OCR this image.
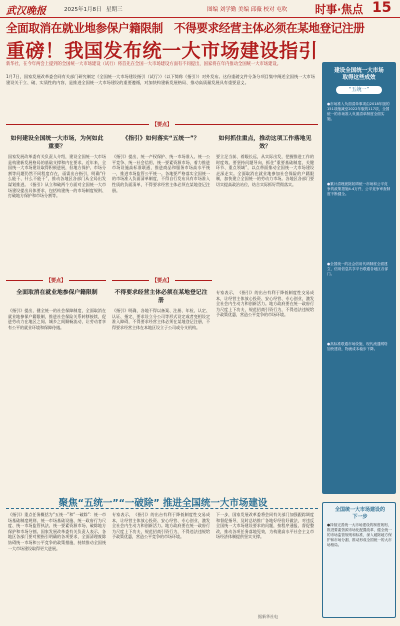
武汉晚报	2025年1月8日 星期三	图编 刘学勤 美编 邱薇 校对 屯吹	时事·焦点 15
全面取消在就业地参保户籍限制　不得要求经营主体必须在某地登记注册
重磅！我国发布统一大市场建设指引
新华社，在今年两会上提到的全国统一大市场建设（试行）将首先在全国一大市场建设方面有不同提出，国家将在年内推动全国统一大市场建设。
1月7日，国家发展改革委会同有关部门研究制定《全国统一大市场建设指引（试行）》（以下简称《指引》）对外发布。这份重磅文件分条分项目集中阐述全国统一大市场建设关于立、破、实质性的内容，是推进全国统一大市场建设的重要遵循，对加快构建新发展格局、推动高质量发展具有重要意义。
【要点】
如何建设全国统一大市场，为何如此重要？
国家发展改革委有关负责人介绍，建设全国统一大市场是构建新发展格局的基础支撑和内在要求。近年来，全国统一大市场建设取得积极进展，但地方保护、市场分割等问题仍然不同程度存在，亟需出台指引，明确“什么能干、什么不能干”，推动各地区各部门从全局出发谋划推进。《指引》从立和破两个方面对全国统一大市场建设提出具体要求，包括构建统一的市场制度规则、打破地方保护和市场分割等。
《指引》如何落实“五统一”？
《指引》提出，统一产权保护、统一市场准入、统一公平竞争、统一社会信用、统一要素资源市场，着力推进市场设施高标准联通，推进商品和服务市场高水平统一，推进市场监管公平统一。各地要严格落实全国统一的市场准入负面清单制度，不得自行发布具有市场准入性质的负面清单，不得要求经营主体必须在某地登记注册。
如何抓住重点，推动这项工作落地见效？
要立足当前、着眼长远，从实际出发，把握推进工作的时度效。要坚持问题导向，抓住“重要基础制度、关键环节、重点领域”，以点带面推动全国统一大市场建设走深走实。全面取消在就业地参加社会保险的户籍限制，加快建立全国统一的劳动力市场。各地区各部门要切实提高政治站位，结合实际抓好贯彻落实。
【要点】
全面取消在就业地参保户籍限制
《指引》提出，健全统一的社会保障制度，全面取消在就业地参保户籍限制，推进社会保险关系转移接续，促进劳动力在地区之间、城乡之间顺畅流动，让劳动者享有公平的就业环境和保障待遇。
【要点】
不得要求经营主体必须在某地登记注册
《指引》明确，各地不得以备案、注册、年检、认定、认证、指定、要求设立分公司等形式设定或者变相设定准入障碍，不得要求经营主体必须在某地登记注册，不得要求经营主体在本地区设立子公司或分支机构。
专家表示，《指引》的出台有利于降低制度性交易成本，让经营主体放心投资、安心经营、专心创业，激发全社会内生动力和创新活力。地方政府要在统一政府行为尺度上下功夫，规范招商引资行为，不得违法违规给予政策优惠，营造公平竞争的市场环境。
聚焦“五统一”“一破除” 推进全国统一大市场建设
《指引》重点任务概括为“五统一”和“一破除”：统一市场基础制度规则、统一市场基础设施、统一政府行为尺度、统一市场监管执法、统一要素资源市场，破除地方保护和市场分割。国家发展改革委有关负责人表示，各地区各部门要对照指引明确的各项要求，全面清理废除妨碍统一市场和公平竞争的政策措施，持续推动全国统一大市场建设取得更大进展。
专家表示，《指引》的出台有利于降低制度性交易成本，让经营主体放心投资、安心经营、专心创业，激发全社会内生动力和创新活力。地方政府要在统一政府行为尺度上下功夫，规范招商引资行为，不得违法违规给予政策优惠，营造公平竞争的市场环境。
下一步，国家发展改革委将会同有关部门加强跟踪调度和督促指导，及时总结推广各地好经验好做法，对违反全国统一大市场建设要求的问题，按程序通报、督促整改，推动各项任务落地见效，为构建高水平社会主义市场经济体制提供坚实支撑。
据新华社电
建设全国统一大市场
取得这些成效
“五统一”
●市场准入负面清单事项由2018年版的151项缩减至2022年版的117项，全国统一的市场准入负面清单制度全面实施。
●累计清理废除妨碍统一市场和公平竞争的政策措施4.4万件，公平竞争审查制度不断健全。
●全国统一的社会信用代码制度全面建立，信用信息共享平台联通各地区各部门。
●高标准联通市场设施，现代流通网络加快建设，物流成本稳步下降。
全国统一大市场建设的
下一步
●持续完善统一大市场建设的制度规则，推进要素资源市场化配置改革，健全统一的市场监管规则和标准，深入破除地方保护和市场分割，推动形成全国统一的大市场格局。
